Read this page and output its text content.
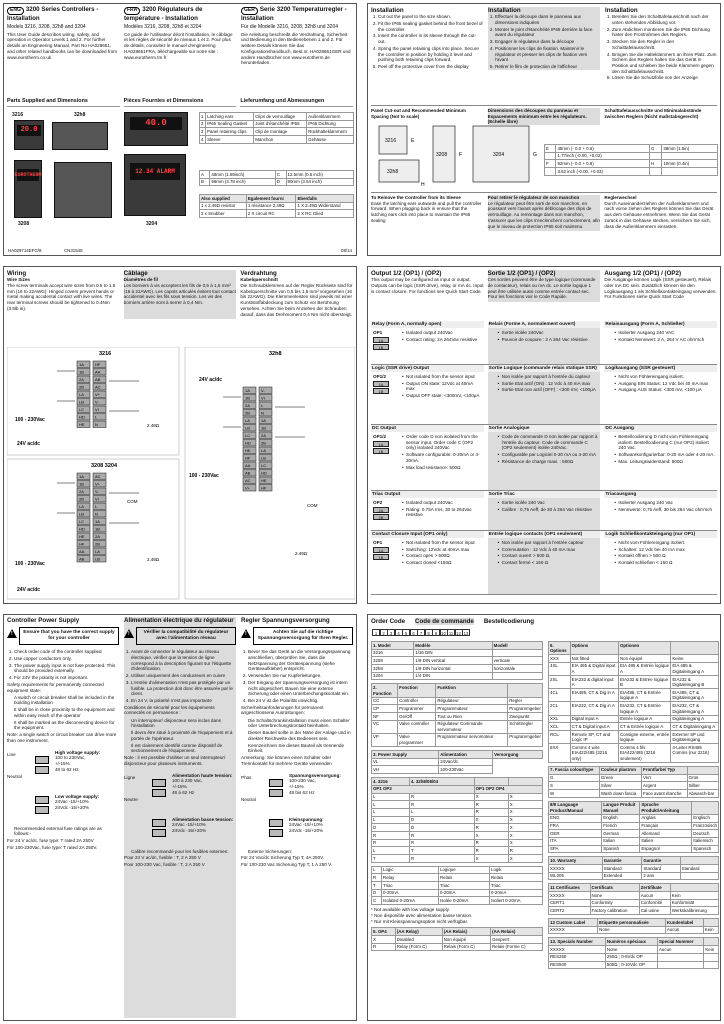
ENG 3200 Series Controllers - Installation

Models 3216, 3208, 32h8 and 3204

This User Guide describes wiring, safety, and operation in Operator Levels 1 and 2. For further details an Engineering Manual, Part No HA028651, and other related handbooks can be downloaded from www.eurotherm.co.uk

FRA 3200 Régulateurs de température - Installation

Modèles 3216, 3208, 32h8 et 3204

Ce guide de l'utilisateur décrit l'installation, le câblage et les règles de sécurité de niveaux 1 et 2. Pour plus de détails, consultez le manuel d'engineering HA028651FRA, téléchargeable sur notre site : www.eurotherm.tm.fr

GER Serie 3200 Temperaturregler - Installation

Für die Modelle 3216, 3208, 32h8 und 3204

Die Anleitung beschreibt die Verdrahtung, Sicherheit und Bedienung in den Bedienebenen 1 und 2. Für weitere Details können Sie das Konfigurationshandbuch, Best.nr. HA028651GER und andere Handbücher von www.eurotherm.de herunterladen.

Parts Supplied and Dimensions	Pièces Fournies et Dimensions	Lieferumfang und Abmessungen
3216
20.0
32h8
40.0
EUROTHERM
3208
12.34 ALARM
3204
1	Latching ears	Clips de verrouillage	Außenklammern
2	IP65 Sealing Gasket	Joint d'étanchéité IP65	IP65 Dichtung
3	Panel retaining clips	Clip de montage	Rückhalteklammern
4	Sleeve	Manchon	Gehäuse
A	48mm (1.89inch)	C	12.5mm (0.5 inch)
B	96mm (3.78 inch)	D	90mm (3.54 inch)
Also supplied	Egalement fourni	Ebenfalls
1 x 2.49Ω resistor	1 résistance 2,49Ω	1 X 2.49Ω Widerstand
2 x Snubber	2 X circuit RC	2 X RC Glied
HA029714EFG/8	CN31545	08/14
Installation
1. Cut out the panel to the size shown.
2. Fit the IP65 sealing gasket behind the front bezel of the controller
3. Insert the controller in its sleeve through the cut-out.
4. Spring the panel retaining clips into place. Secure the controller in position by holding it level and pushing both retaining clips forward.
5. Peel off the protective cover from the display
Installation
1. Effectuer la découpe dans le panneau aux dimensions indiquées
2. Monter le joint d'étanchéité IP65 derrière la face avant du régulateur
3. Engager le régulateur dans la découpe
4. Positionner les clips de fixation. Maintenir le régulateur et presser les clips de fixation vers l'avant
5. Retirer le film de protection de l'afficheur
Installation
1. Bereiten Sie den Schalttafelausschnitt nach der unten stehenden Abbildung vor.
2. Zum Abdichten montieren Sie die IP65 Dichtung hinter den Frontrahmen des Reglers.
3. Stecken Sie den Regler in den Schalttafelausschnitt.
4. Bringen Sie die Halteklammern an ihren Platz. Zum Sichern des Reglers halten Sie das Gerät in Position und schieben Sie beide Klammern gegen den Schalttafelausschnitt.
5. Lösen Sie die Schutzfolie von der Anzeige
Panel Cut-out and Recommended Minimum Spacing (Not to scale)
Dimensions des découpes du panneau et Espacements minimum entre les régulateurs. (Echelle libre)
Schalttafelausschnitte und Minimalabstände zwischen Reglern (Nicht maßstabsgerecht)
3216
32h8
3208	3204
E
F	G
H
E	45mm (- 0.0 + 0.6)	G	38mm (1.5in)
	1.77inch (-0.00, +0.02)		
F	92mm (- 0.0 + 0.8)	H	10mm (0.4in)
	3.62 inch (-0.00, +0.03)		
To Remove the Controller from its Sleeve

Ease the latching ears outwards and pull the controller forward. When plugging back in ensure that the latching ears click into place to maintain the IP65 sealing

Pour retirer le régulateur de son manchon

Le régulateur peut être sorti de son manchon, en poussant vers l'avant après déblocage des clips de verrouillage. Au remontage dans son manchon, s'assurer que les clips s'enclenchent correctement, afin que le niveau de protection IP65 soit maintenu.

Reglerwechsel

Durch Auseinanderziehen der Außenklammern und nach vorne ziehen des Reglers können Sie das Gerät aus dem Gehäuse entnehmen. Wenn Sie das Gerät zurück in das Gehäuse stecken, versichern Sie sich, dass die Außenklammern einrasten.

Wiring
Wire Sizes

The screw terminals accept wire sizes from 0.5 to 1.5 mm (16 to 22AWG). Hinged covers prevent hands or metal making accidental contact with live wires. The rear terminal screws should be tightened to 0.4Nm (3.5lb in).

Câblage
Diamètres de fil

Les borniers à vis acceptent les fils de 0,5 à 1,5 mm² (16 à 22AWG). Les capots articulés évitent tout contact accidentel avec les fils sous tension. Les vis des borniers arrière sont à serrer à 0,4 Nm.

Verdrahtung
Kabelquerschnitt

Die Schraubklemmen auf der Regler Rückseite sind für Kabelquerschnitte von 0,5 bis 1,5 mm² vorgesehen (16 bis 22AWG). Die Klemmenleisten sind jeweils mit einer Kunststoffabdeckung zum Schutz vor Berührung versehen. Achten Sie beim Anziehen der Schrauben darauf, dass das Drehmoment 0,4 Nm nicht übersteigt.

3216
3208 3204
32h8
1A
1B
2A
2B
LA
LB
LC
HD
HE
HF
AA
AB
AC
V+
V-
VI
L
N
1A
1B
2A
2B
LA
LB
LC
HD
HE
HF
AA
AB
AC
V+
V-
VI
L
N
1A
1B
2A
2B
LA
LB
1A
1B
2A
2B
LA
LB
LC
HD
HE
HF
AA
AB
AC
V+
V-
VI
L
N
1A
1B
2A
2B
LA
LB
LC
HD
HE
HF
100 - 230Vac
24V ac/dc
100 - 230Vac
24V ac/dc
24V ac/dc
100 - 230Vac
2.49Ω
2.49Ω
2.49Ω
COM
COM
Output 1/2 (OP1) / (OP2)

This output may be configured as input or output. Outputs can be logic (SSR drive), relay, or mA dc. Input is contact closure. For functions see Quick Start Code.

Sortie 1/2 (OP1) / (OP2)

Ces sorties peuvent être de type logique (commande de contacteur), relais ou mA dc. Le sortie logique 1 peut être utilisée aussi comme entrée contact sec. Pour les fonctions voir le Code Rapide.

Ausgang 1/2 (OP1) / (OP2)

Die Ausgänge können Logik (SSR gesteuert), Relais oder mA DC sein. Zusätzlich können sie den Logikausgang 1 als Schließkontakteingang verwenden. Für Funktionen siehe Quick Start Code

Relay (Form A, normally open)
OP1
1A
1B
• Isolated output 240Vac
• Contact rating: 2A 264Vac resistive
Relais (Forme A, normalement ouvert)
• Sortie isolée 240Vac
• Pouvoir de coupure : 2 A 264 Vac résistive
Relaisausgang (Form A, Schließer)
• Isolierter Ausgang 240 VAC
• Kontakt Nennwert: 2 A, 264 V AC ohm'sch
Logic (SSR drive) Output
OP1/2
1A
1B
• Not isolated from the sensor input
• Output ON state: 12Vdc at 40mA max
• Output OFF state: <300mV, <100μA
Sortie Logique (commande relais statique SSR)
• Non isolée par rapport à l'entrée du capteur
• Sortie Etat actif (ON) : 12 Vdc à 40 mA max
• Sortie Etat non actif (OFF) : <300 mV, <100μA
Logikausgang (SSR gesteuert)
• Nicht von Fühlereingang isoliert.
• Ausgang EIN Status: 12 Vdc bei 40 mA max
• Ausgang AUS Status: <300 mV, <100 μA
DC Output
OP1/2
1A
1B
• Order code D non isolated from the sensor input. Order code C (OP2 only) isolated 240Vac
• Software configurable: 0-20mA or 4-20mA.
• Max load resistance: 500Ω
Sortie Analogique
• Code de commande D non isolée par rapport à l'entrée du capteur. Code de commande C (OP2 seulement) isolée 240Vac.
• Configurable par Logiciel 0-20 mA ou 4-20 mA
• Résistance de charge maxi. : 500Ω
DC Ausgang
• Bestellcodierung D nicht vom Fühlereingang isoliert. Bestellcodierung C (nur OP2) isoliert 240 Vac.
• Softwarekonfigurierbar: 0-20 mA oder 4-20 mA.
• Max. Leitungswiderstand: 500Ω
Triac Output
OP2
2A
2B
• Isolated output 240Vac
• Rating: 0.75A rms, 30 to 264Vac resistive
Sortie Triac
• Sortie isolée 240 Vac
• Calibre : 0,75 Aeff, de 30 à 264 Vac résistive
Triacausgang
• Isolierter Ausgang 240 Vac
• Nennwerte: 0,75 Aeff, 30 bis 264 Vac ohm'sch
Contact Closure Input (OP1 only)
OP1
1A
1B
• Not isolated from the sensor input
• Switching: 12Vdc at 40mA max
• Contact open > 500Ω
• Contact closed <150Ω
Entrée logique contacts (OP1 seulement)
• Non isolée par rapport à l'entrée capteur
• Commutation : 12 Vdc à 40 mA max
• Contact ouvert > 500 Ω.
• Contact fermé < 150 Ω
Logik Schließkontakteingang (nur OP1)
• Nicht vom Fühlereingang isoliert.
• Schalten: 12 Vdc bei 40 mA max
• Kontakt öffnen > 500 Ω
• Kontakt schließen < 150 Ω
Controller Power Supply
!
Ensure that you have the correct supply for your controller
1. Check order code of the controller supplied
2. Use copper conductors only.
3. The power supply input is not fuse protected. This should be provided externally.
4. For 24V the polarity is not important.

Safety requirements for permanently connected equipment state:

• A switch or circuit breaker shall be included in the building installation
• It shall be in close proximity to the equipment and within easy reach of the operator
• It shall be marked as the disconnecting device for the equipment.

Note: a single switch or circuit breaker can drive more than one instrument.

Line
Neutral
High voltage supply:
100 to 230Vac,
+/-15%
48 to 62 Hz
Low voltage supply:
24Vac -15/+10%
24Vdc -15/+20%
• Recommended external fuse ratings are as follows:-
For 24 V ac/dc, fuse type: T rated 2A 250V
For 100-230Vac, fuse type: T rated 2A 250V.
Alimentation électrique du régulateur
!
Vérifier la compatibilité du régulateur avec l'alimentation réseau
1. Avant de connecter le régulateur au réseau électrique, vérifier que la tension de ligne correspond à la description figurant sur l'étiquette d'identification.
2. Utiliser uniquement des conducteurs en cuivre
3. L'entrée d'alimentation n'est pas protégée par un fusible. La protection doit donc être assurée par le client.
4. En 24 V, la polarité n'est pas importante

Conditions de sécurité pour les équipements connectés en permanence :

• Un interrupteur/ disjoncteur sera inclus dans l'installation
• Il devra être situé à proximité de l'équipement et à portée de l'opérateur.
• Il est clairement identifié comme dispositif de sectionnement de l'équipement.

Note : il est possible d'utiliser un seul interrupteur/ disjoncteur pour plusieurs instruments.

Ligne
Neutre
Alimentation haute tension:
100 à 230 Vac,
+/-15%
48 à 62 Hz
Alimentation basse tension:
24Vac -15/+10%
24Vdc -15/+20%
• Calibre recommandé pour les fusibles externes:
Pour 24 V ac/dc, fusible : T, 2 A 250 V
Pour 100-230 Vac, fusible : T, 2 A 250 V
Regler Spannungsversorgung
!
Achten Sie auf die richtige Spannungsversorgung für Ihren Regler.
1. Bevor Sie das Gerät an die Versorgungsspannung anschließen, überprüfen Sie, dass die Netzspannung der Gerätespannung (siehe Geräteaufkleber) entspricht.
2. Verwenden Sie nur Kupferleitungen.
3. Der Eingang der Spannungsversorgung ist intern nicht abgesichert. Bauen Sie eine externe Sicherung oder einen Unterbrechungskontakt ein.
4. Bei 24 V ist die Polarität unwichtig.

Sicherheitsanforderungen für permanent angeschlossene Ausrüstungen:

• Die Schaltschrankinstallation muss einen Schalter oder Unterbrechungskontakt beinhalten.
• Dieser Bauteil sollte in der Nähe der Anlage und in direkter Reichweite des Bedieners sein.
• Kennzeichnen Sie dieses Bauteil als trennende Einheit.

Anmerkung: Sie können einen Schalter oder Trennkontakt für mehrere Geräte verwenden

Phas
Neutral
Spannungsversorgung:
100-230 Vac,
+/-15%
48 bis 62 Hz
Kleinspannung:
24Vac -15/+10%
24Vdc -15/+20%
• Externe Sicherungen:
Für 24 Vac/dc Sicherung Typ T, 4A 250V.
Für 100-230 Vac Sicherung Typ T, 1 A 250 V.
Order Code Code de commande Bestellcodierung
1 2 3 4 5 6 7 8 9 10 11 12 13
1. Model	Modèle	Modell
3216	1/16 DIN	
3208	1/8 DIN vertical	verticale
32h8	1/8 DIN horizontal	horizontale
3204	1/4 DIN	
2. Function	Fonction	Funktion	
CC	Controller	Régulateur	Regler
CP	Programmer	Programmateur	Programmgeber
NF	On/Off	Tout ou Rien	Zweipunkt
VC	Valve controller	Régulateur Commande servomoteur	Schrittregler
VP	Valve programmer	Programmateur servomoteur	Programmgeber
3. Power Supply	Alimentation	Versorgung
VL	24Vac/dc	
VH	100-230Vac	
4. 3216	4. 32h8/08/04		
OP1 OP2		OP1 OP2 OP4	
L	R	X	X
L	R	R	X
L	L	R	X
L	D	X	X
D	D	R	X
R	R	X	X
R	R	R	X
L	T	R	R
T	R	X	X
L	Logic	Logique	Logik
R	Relay	Relais	Relais
T	Triac	Triac	Triac
D	0-20mA	0-20mA	0-20mA
C	Isolated 0-20mA	Isolée 0-20mA	Isoliert 0-20mA
* Not available with low voltage supply.
* Non disponible avec alimentation basse tension.
* Nur mit Kleinspannungsoption nicht verfügbar.
5. OP4	(AA Relay)	(AA Relais)	(AA Relais)
X	Disabled	Non équipé	Gesperrt
R	Relay (Form C)	Relais (Form C)	Relais (Forme C)
6. Options	Options	Optionen	
XXX	Not fitted	Non équipé	Keine
4XL	EIA 485 & Digital input A	EIA 485 & Entrée logique A	EIA 485 & Digitaleingang A
2XL	EIA232 & digital input A	EIA232 & Entrée logique B	EIA232 & Digitaleingang B
4CL	EIA485, CT & Dig in A	EIA485, CT & Entrée logique A	EIA485, CT & Digitaleingang A
2CL	EIA232, CT & Dig in A	EIA232, CT & Entrée logique A	EIA232, CT & Digitaleingang A
XXL	Digital input A	Entrée logique A	Digitaleingang A
XCL	CT & Digital input A	CT & Entrée logique A	CT & Digitaleingang A
RCL	Remote SP, CT and Logic IP	Consigne externe, entrée logique	Externer SP und Digitaleingang
6XX	Comms 4 wire EIA422/485 (3216 only)	Comms 4 fils EIA422/485 (3216 seulement)	4-Leiter RS485 Comms (nur 3216)
7. Fascia colour/type	Couleur plastron	Frontfarbe/ Typ	
G	Green	Vert	Grün
S	Silver	Argent	Silber
W	Wash down fascia	Face avant étanche	Abwasch-bar
8/9 Language Product/Manual	Langue Produit Manuel	Sprache Produkt/Anleitung	
ENG	English	Anglais	Englisch
FRA	French	Français	Französisch
GER	German	Allemand	Deutsch
ITA	Italian	Italien	Italienisch
SPA	Spanish	Espagnol	Spanisch
10. Warranty	Garantie	Garantie	
XXXXX	Standard	Standard	Standard
WL005	Extended	2 ans	
11 Certificates	Certificats	Zertifikate	
XXXXX	None	Aucun	Kein
CERT1	Conformity	Conformité	Konformität
CERT2	Factory calibration	Cal usine	Werkskalibrierung
12 Custom Label	Etiquette personnalisée	Kundenlabel	
XXXXX	None	Aucun	Kein
13. Specials Number	Numéros spéciaux	Special Nummer	
XXXXX	None	Aucun	Kein
RES250	250Ω ; 0-5Vdc OP		
RES500	500Ω ; 0-10Vdc OP		
